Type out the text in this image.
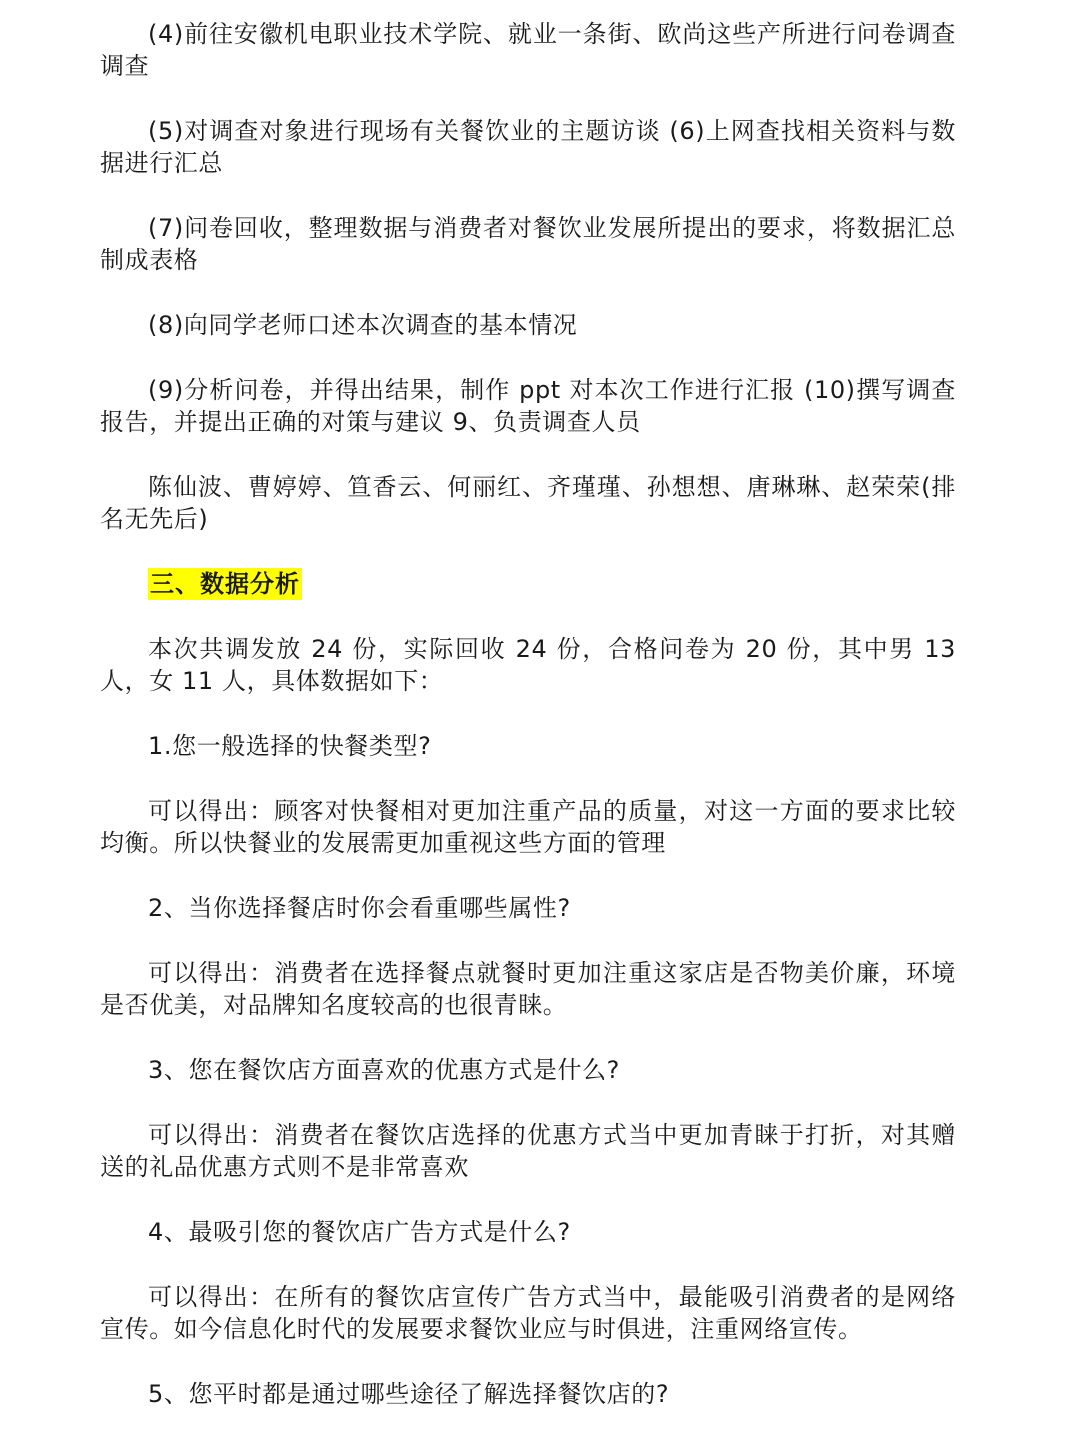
(4)前往安徽机电职业技术学院、就业一条街、欧尚这些产所进行问卷调查调查

(5)对调查对象进行现场有关餐饮业的主题访谈 (6)上网查找相关资料与数据进行汇总

(7)问卷回收，整理数据与消费者对餐饮业发展所提出的要求，将数据汇总制成表格

(8)向同学老师口述本次调查的基本情况

(9)分析问卷，并得出结果，制作 ppt 对本次工作进行汇报 (10)撰写调查报告，并提出正确的对策与建议 9、负责调查人员

陈仙波、曹婷婷、笪香云、何丽红、齐瑾瑾、孙想想、唐琳琳、赵荣荣(排名无先后)

三、数据分析

本次共调发放 24 份，实际回收 24 份，合格问卷为 20 份，其中男 13 人，女 11 人，具体数据如下：

1.您一般选择的快餐类型?

可以得出：顾客对快餐相对更加注重产品的质量，对这一方面的要求比较均衡。所以快餐业的发展需更加重视这些方面的管理

2、当你选择餐店时你会看重哪些属性?

可以得出：消费者在选择餐点就餐时更加注重这家店是否物美价廉，环境是否优美，对品牌知名度较高的也很青睐。

3、您在餐饮店方面喜欢的优惠方式是什么?

可以得出：消费者在餐饮店选择的优惠方式当中更加青睐于打折，对其赠送的礼品优惠方式则不是非常喜欢

4、最吸引您的餐饮店广告方式是什么?

可以得出：在所有的餐饮店宣传广告方式当中，最能吸引消费者的是网络宣传。如今信息化时代的发展要求餐饮业应与时俱进，注重网络宣传。

5、您平时都是通过哪些途径了解选择餐饮店的?
